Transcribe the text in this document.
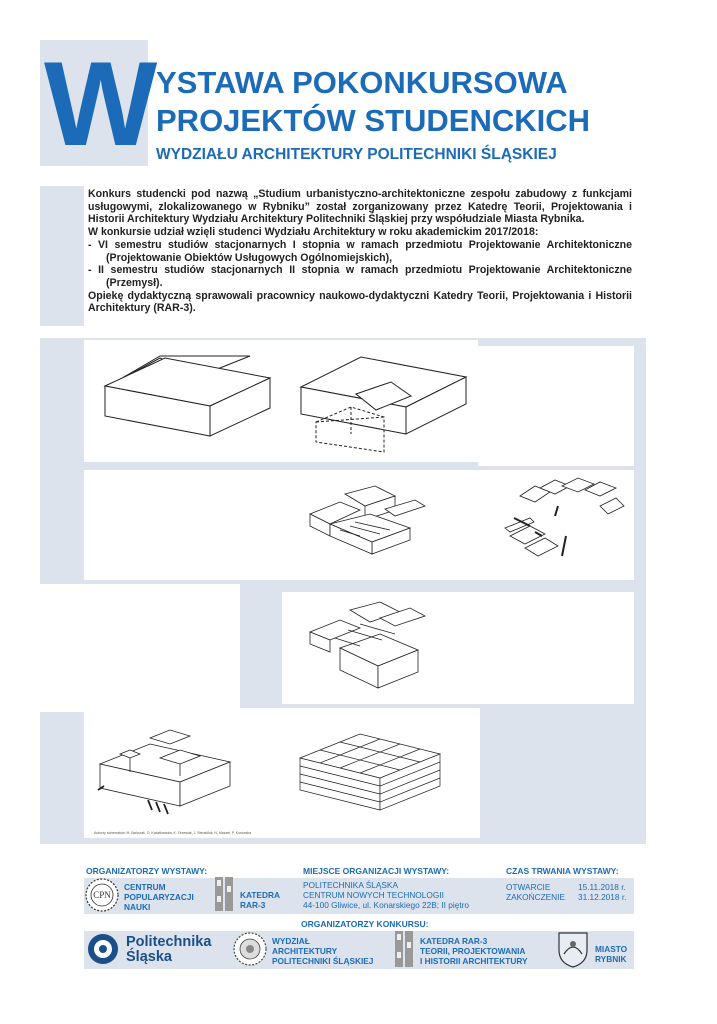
W YSTAWA POKONKURSOWA
PROJEKTÓW STUDENCKICH
WYDZIAŁU ARCHITEKTURY POLITECHNIKI ŚLĄSKIEJ

Konkurs studencki pod nazwą „Studium urbanistyczno-architektoniczne zespołu zabudowy z funkcjami usługowymi, zlokalizowanego w Rybniku” został zorganizowany przez Katedrę Teorii, Projektowania i Historii Architektury Wydziału Architektury Politechniki Śląskiej przy współudziale Miasta Rybnika.

W konkursie udział wzięli studenci Wydziału Architektury w roku akademickim 2017/2018:

- VI semestru studiów stacjonarnych I stopnia w ramach przedmiotu Projektowanie Architektoniczne (Projektowanie Obiektów Usługowych Ogólnomiejskich),

- II semestru studiów stacjonarnych II stopnia w ramach przedmiotu Projektowanie Architektoniczne (Przemysł).

Opiekę dydaktyczną sprawowali pracownicy naukowo-dydaktyczni Katedry Teorii, Projektowania i Historii Architektury (RAR-3).

Autorzy schematów: M. Bańczak, O. Kwiatkowska, K. Orzesiak, J. Sierakiluk, N. Mazzel, P. Kurowska
ORGANIZATORZY WYSTAWY:	MIEJSCE ORGANIZACJI WYSTAWY:	CZAS TRWANIA WYSTAWY:
CPN
CENTRUM
POPULARYZACJI
NAUKI
KATEDRA
RAR-3
POLITECHNIKA ŚLĄSKA
CENTRUM NOWYCH TECHNOLOGII
44-100 Gliwice, ul. Konarskiego 22B; II piętro
OTWARCIE	15.11.2018 r.
ZAKOŃCZENIE 31.12.2018 r.
ORGANIZATORZY KONKURSU:
Politechnika
Śląska
WYDZIAŁ
ARCHITEKTURY
POLITECHNIKI ŚLĄSKIEJ
KATEDRA RAR-3
TEORII, PROJEKTOWANIA
I HISTORII ARCHITEKTURY
MIASTO
RYBNIK
